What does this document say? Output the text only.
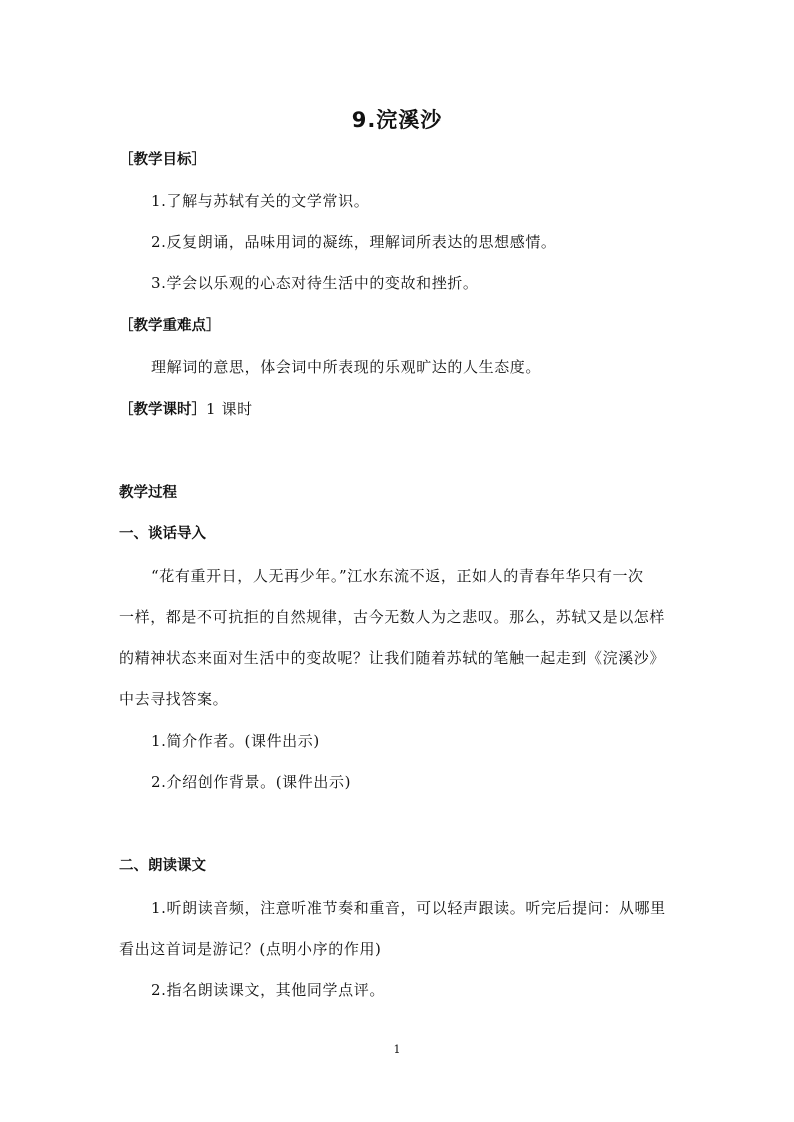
9.浣溪沙
［教学目标］
1.了解与苏轼有关的文学常识。
2.反复朗诵，品味用词的凝练，理解词所表达的思想感情。
3.学会以乐观的心态对待生活中的变故和挫折。
［教学重难点］
理解词的意思，体会词中所表现的乐观旷达的人生态度。
［教学课时］1 课时
教学过程
一、谈话导入
“花有重开日，人无再少年。”江水东流不返，正如人的青春年华只有一次
一样，都是不可抗拒的自然规律，古今无数人为之悲叹。那么，苏轼又是以怎样
的精神状态来面对生活中的变故呢？让我们随着苏轼的笔触一起走到《浣溪沙》
中去寻找答案。
1.简介作者。(课件出示)
2.介绍创作背景。(课件出示)
二、朗读课文
1.听朗读音频，注意听准节奏和重音，可以轻声跟读。听完后提问：从哪里
看出这首词是游记？(点明小序的作用)
2.指名朗读课文，其他同学点评。
1
